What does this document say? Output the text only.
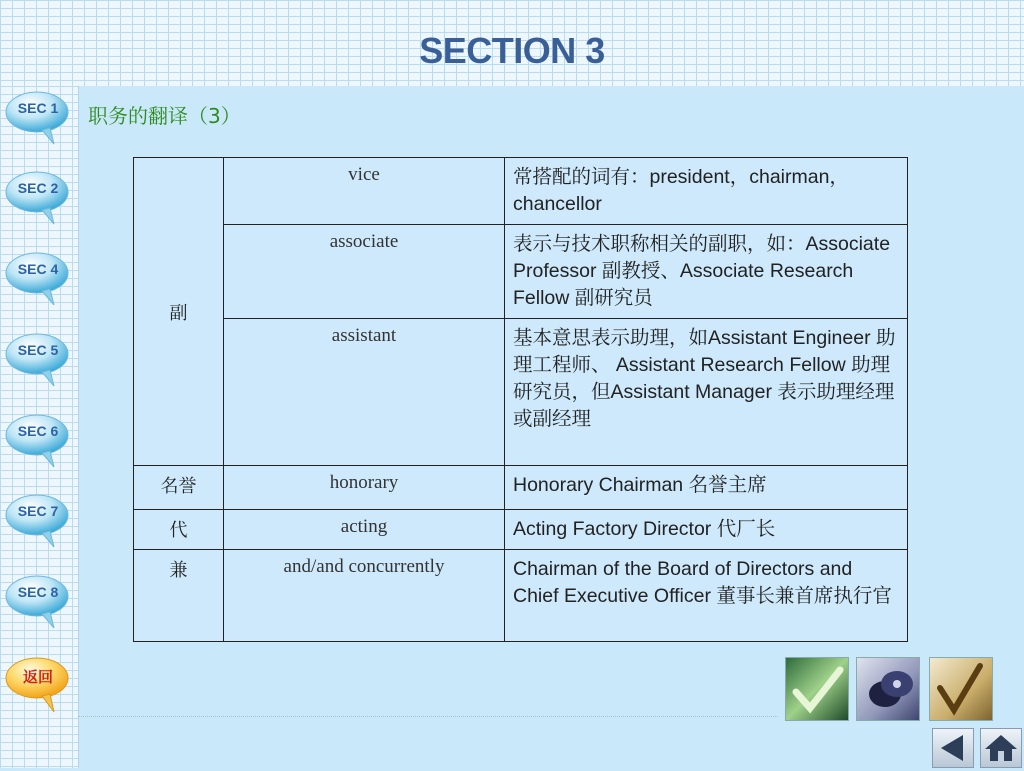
SECTION 3
职务的翻译（3）
SEC 1
SEC 2
SEC 4
SEC 5
SEC 6
SEC 7
SEC 8
返回
副	vice	常搭配的词有：president，chairman，chancellor
	associate	表示与技术职称相关的副职，如：Associate Professor 副教授、Associate Research Fellow 副研究员
	assistant	基本意思表示助理，如Assistant Engineer 助理工程师、 Assistant Research Fellow 助理研究员，但Assistant Manager 表示助理经理或副经理
名誉	honorary	Honorary Chairman 名誉主席
代	acting	Acting Factory Director 代厂长
兼	and/and concurrently	Chairman of the Board of Directors and Chief Executive Officer 董事长兼首席执行官
